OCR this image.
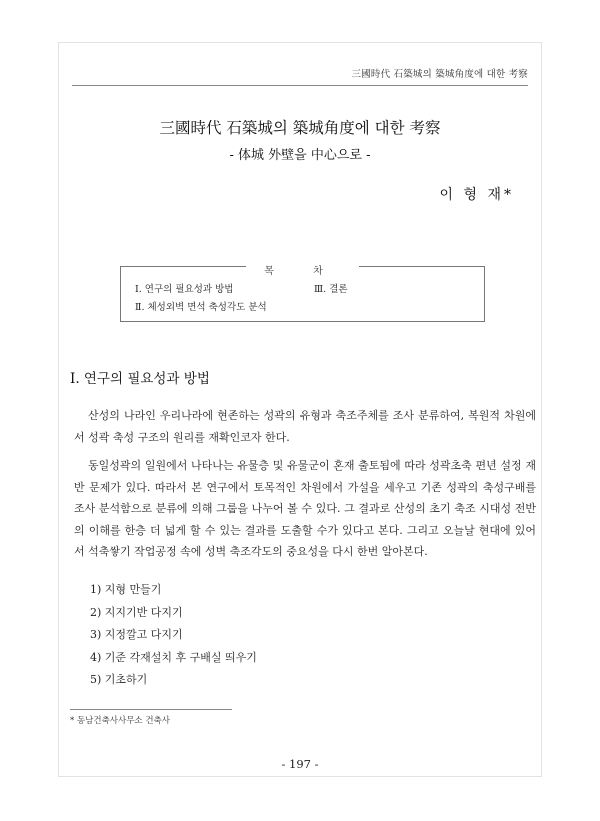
三國時代 石築城의 築城角度에 대한 考察
三國時代 石築城의 築城角度에 대한 考察
- 体城 外壁을 中心으로 -
이 형 재*
목 차
Ⅰ. 연구의 필요성과 방법
Ⅱ. 체성외벽 면석 축성각도 분석
Ⅲ. 결론
Ⅰ. 연구의 필요성과 방법

산성의 나라인 우리나라에 현존하는 성곽의 유형과 축조주체를 조사 분류하여, 복원적 차원에서 성곽 축성 구조의 원리를 재확인코자 한다.

동일성곽의 일원에서 나타나는 유물층 및 유물군이 혼재 출토됨에 따라 성곽초축 편년 설정 재반 문제가 있다. 따라서 본 연구에서 토목적인 차원에서 가설을 세우고 기존 성곽의 축성구배를 조사 분석함으로 분류에 의해 그룹을 나누어 볼 수 있다. 그 결과로 산성의 초기 축조 시대성 전반의 이해를 한층 더 넓게 할 수 있는 결과를 도출할 수가 있다고 본다. 그리고 오늘날 현대에 있어서 석축쌓기 작업공정 속에 성벽 축조각도의 중요성을 다시 한번 알아본다.

1) 지형 만들기
2) 지지기반 다지기
3) 지정깔고 다지기
4) 기준 각재설치 후 구배실 띄우기
5) 기초하기
* 동남건축사사무소 건축사
- 197 -
